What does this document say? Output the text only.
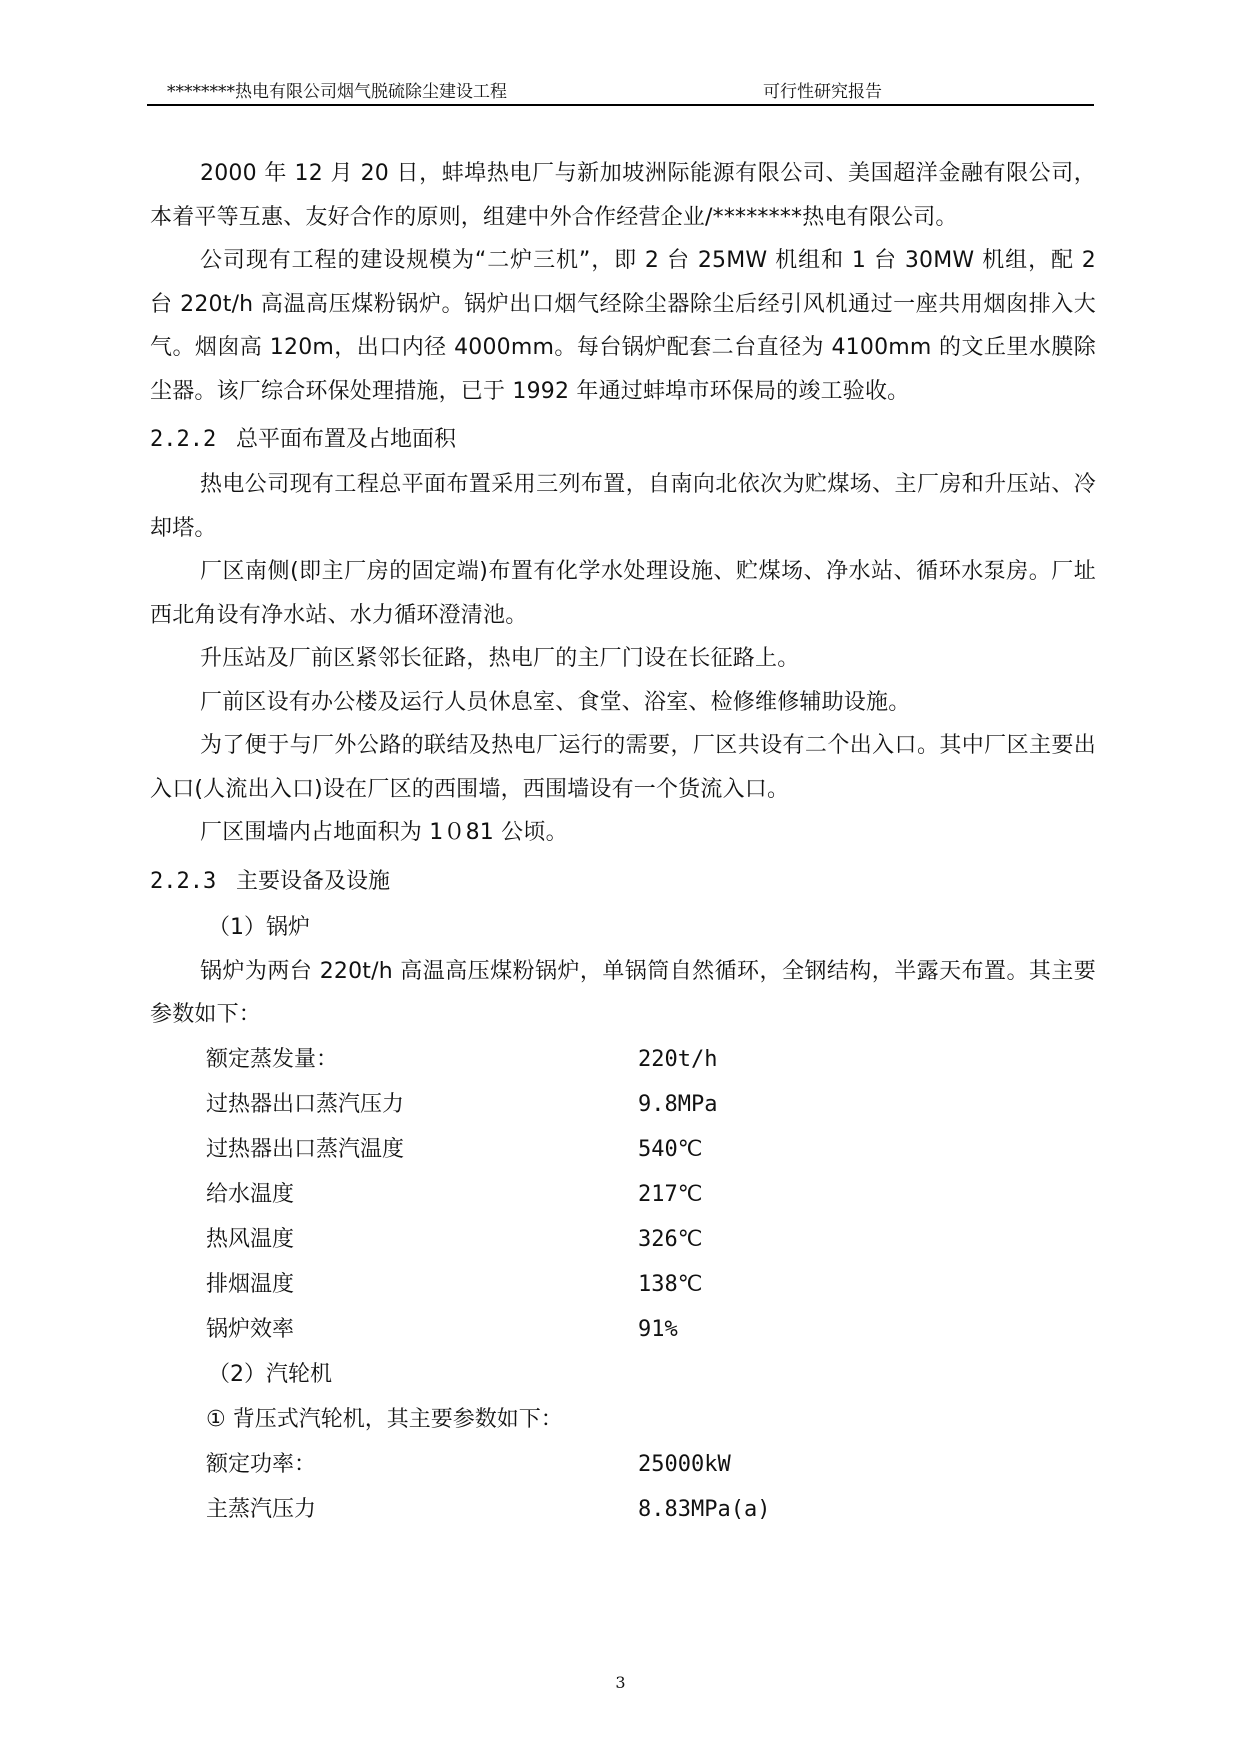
********热电有限公司烟气脱硫除尘建设工程	可行性研究报告

2000 年 12 月 20 日，蚌埠热电厂与新加坡洲际能源有限公司、美国超洋金融有限公司，本着平等互惠、友好合作的原则，组建中外合作经营企业/********热电有限公司。

公司现有工程的建设规模为“二炉三机”，即 2 台 25MW 机组和 1 台 30MW 机组，配 2 台 220t/h 高温高压煤粉锅炉。锅炉出口烟气经除尘器除尘后经引风机通过一座共用烟囱排入大气。烟囱高 120m，出口内径 4000mm。每台锅炉配套二台直径为 4100mm 的文丘里水膜除尘器。该厂综合环保处理措施，已于 1992 年通过蚌埠市环保局的竣工验收。

2.2.2 总平面布置及占地面积

热电公司现有工程总平面布置采用三列布置，自南向北依次为贮煤场、主厂房和升压站、冷却塔。

厂区南侧(即主厂房的固定端)布置有化学水处理设施、贮煤场、净水站、循环水泵房。厂址西北角设有净水站、水力循环澄清池。

升压站及厂前区紧邻长征路，热电厂的主厂门设在长征路上。

厂前区设有办公楼及运行人员休息室、食堂、浴室、检修维修辅助设施。

为了便于与厂外公路的联结及热电厂运行的需要，厂区共设有二个出入口。其中厂区主要出入口(人流出入口)设在厂区的西围墙，西围墙设有一个货流入口。

厂区围墙内占地面积为 1０81 公顷。

2.2.3 主要设备及设施
（1）锅炉

锅炉为两台 220t/h 高温高压煤粉锅炉，单锅筒自然循环，全钢结构，半露天布置。其主要参数如下：

额定蒸发量：	220t/h
过热器出口蒸汽压力	9.8MPa
过热器出口蒸汽温度	540℃
给水温度	217℃
热风温度	326℃
排烟温度	138℃
锅炉效率	91%
（2）汽轮机
① 背压式汽轮机，其主要参数如下：
额定功率：	25000kW
主蒸汽压力	8.83MPa(a)
3
